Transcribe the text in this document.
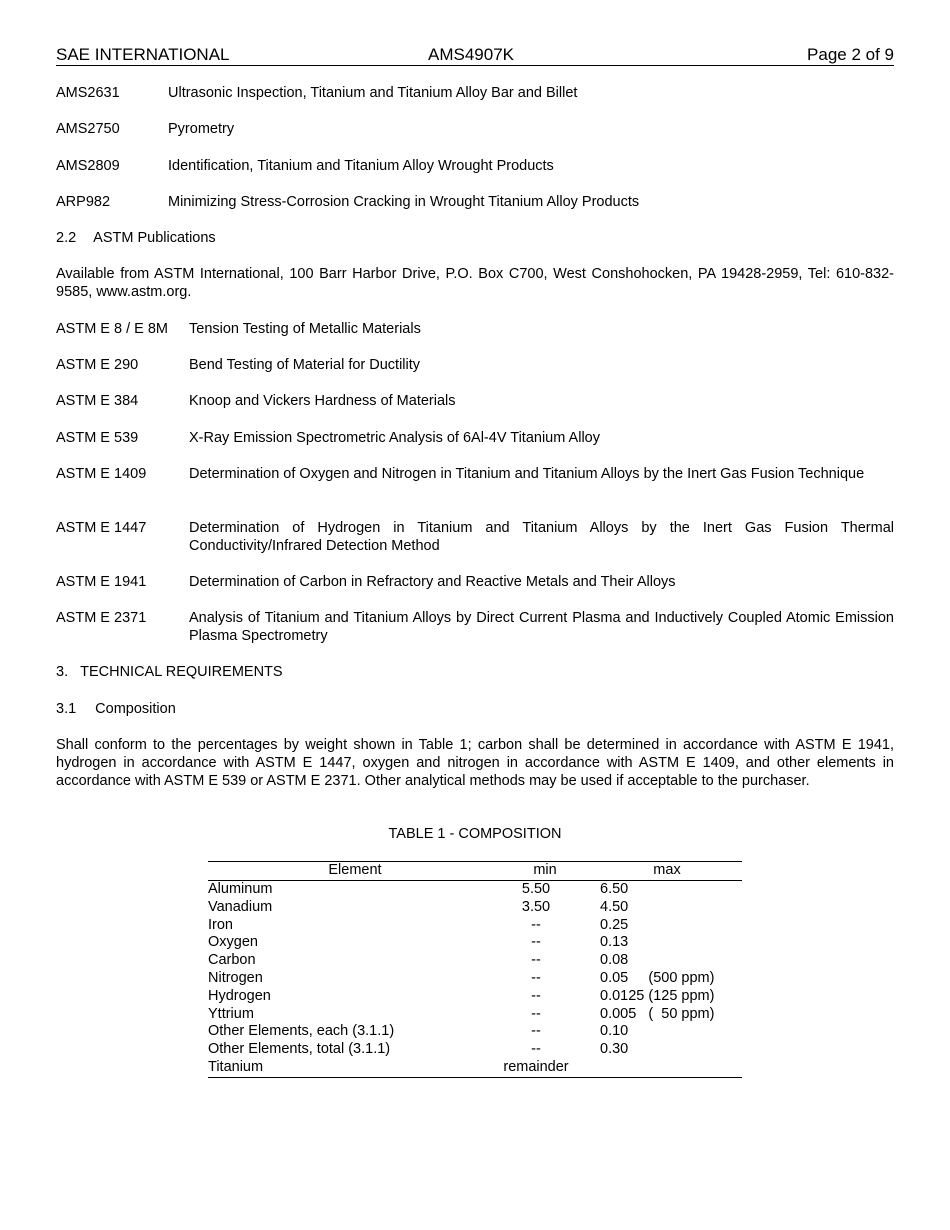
SAE INTERNATIONAL	AMS4907K	Page 2 of 9
AMS2631	Ultrasonic Inspection, Titanium and Titanium Alloy Bar and Billet
AMS2750	Pyrometry
AMS2809	Identification, Titanium and Titanium Alloy Wrought Products
ARP982	Minimizing Stress-Corrosion Cracking in Wrought Titanium Alloy Products
2.2 ASTM Publications
Available from ASTM International, 100 Barr Harbor Drive, P.O. Box C700, West Conshohocken, PA 19428-2959, Tel: 610-832-9585, www.astm.org.
ASTM E 8 / E 8M Tension Testing of Metallic Materials
ASTM E 290	Bend Testing of Material for Ductility
ASTM E 384	Knoop and Vickers Hardness of Materials
ASTM E 539	X-Ray Emission Spectrometric Analysis of 6Al-4V Titanium Alloy
ASTM E 1409	Determination of Oxygen and Nitrogen in Titanium and Titanium Alloys by the Inert Gas Fusion Technique
ASTM E 1447	Determination of Hydrogen in Titanium and Titanium Alloys by the Inert Gas Fusion Thermal Conductivity/Infrared Detection Method
ASTM E 1941	Determination of Carbon in Refractory and Reactive Metals and Their Alloys
ASTM E 2371	Analysis of Titanium and Titanium Alloys by Direct Current Plasma and Inductively Coupled Atomic Emission Plasma Spectrometry
3. TECHNICAL REQUIREMENTS
3.1 Composition
Shall conform to the percentages by weight shown in Table 1; carbon shall be determined in accordance with ASTM E 1941, hydrogen in accordance with ASTM E 1447, oxygen and nitrogen in accordance with ASTM E 1409, and other elements in accordance with ASTM E 539 or ASTM E 2371. Other analytical methods may be used if acceptable to the purchaser.
TABLE 1 - COMPOSITION
Element	min	max
Aluminum	5.50	6.50
Vanadium	3.50	4.50
Iron	--	0.25
Oxygen	--	0.13
Carbon	--	0.08
Nitrogen	--	0.05     (500 ppm)
Hydrogen	--	0.0125 (125 ppm)
Yttrium	--	0.005   (  50 ppm)
Other Elements, each (3.1.1)	--	0.10
Other Elements, total (3.1.1)	--	0.30
Titanium	remainder
